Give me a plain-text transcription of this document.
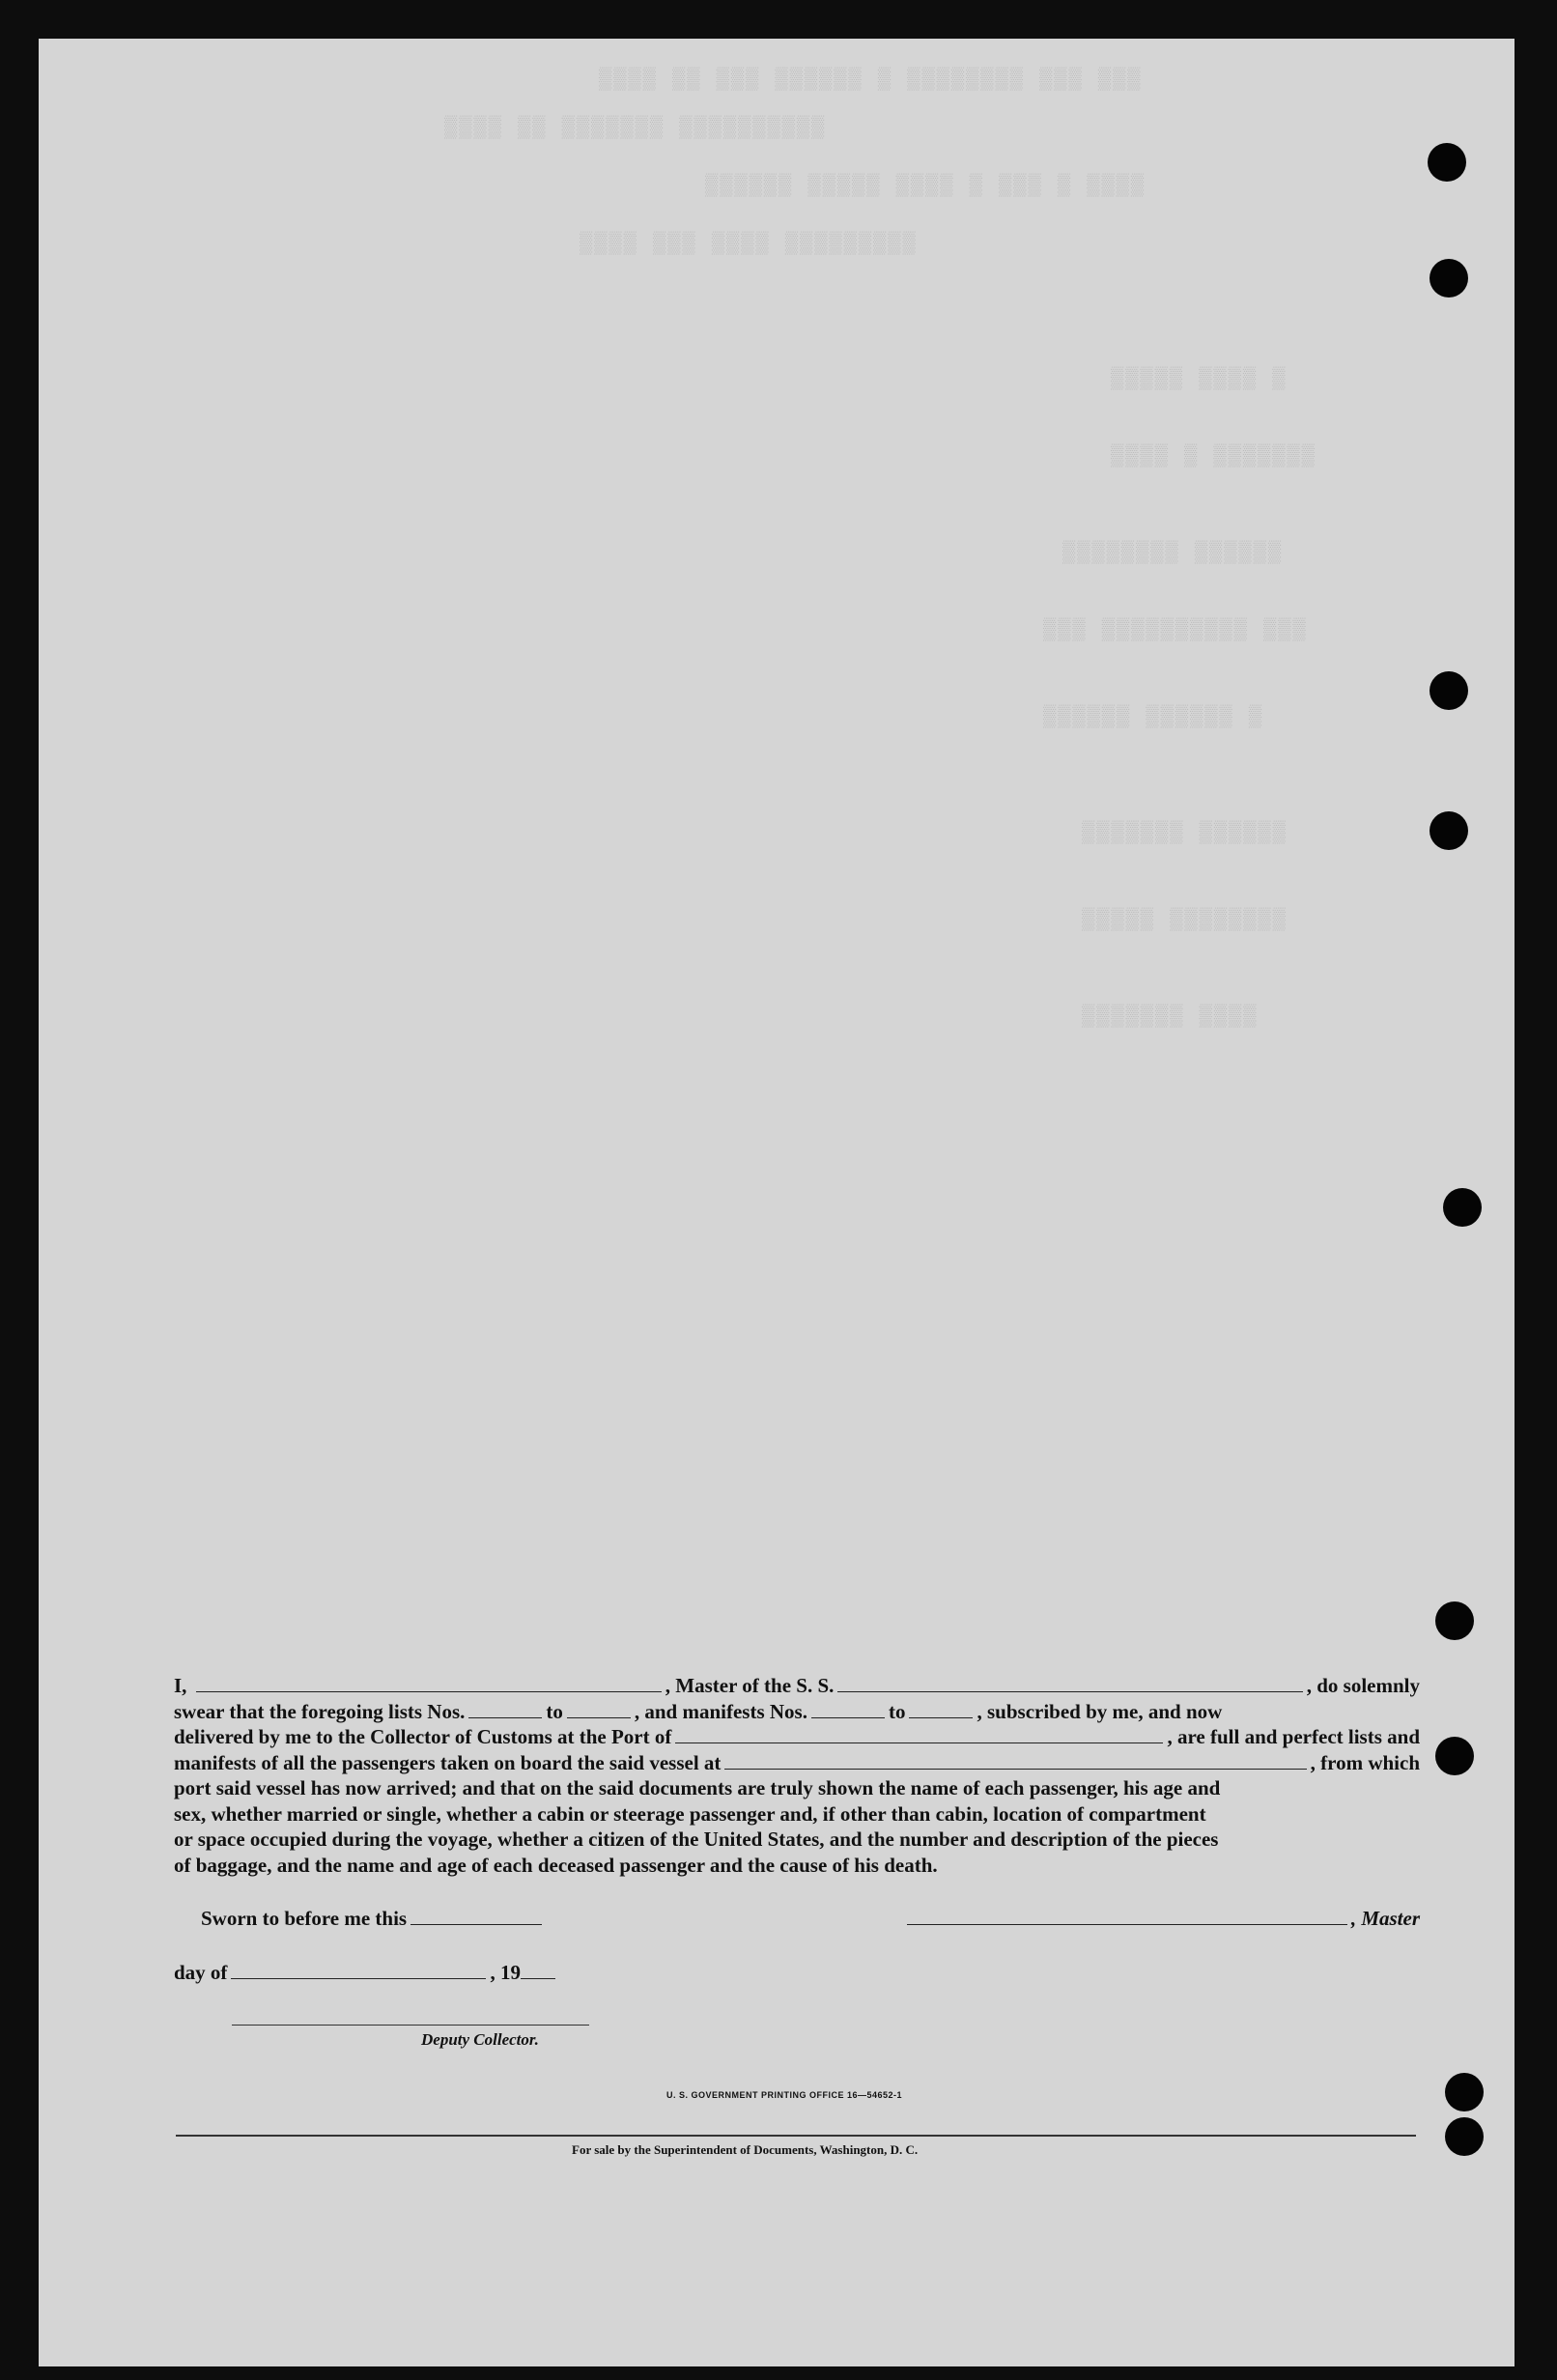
▒▒▒▒ ▒▒ ▒▒▒ ▒▒▒▒▒▒ ▒ ▒▒▒▒▒▒▒▒ ▒▒▒ ▒▒▒
▒▒▒▒ ▒▒ ▒▒▒▒▒▒▒ ▒▒▒▒▒▒▒▒▒▒
▒▒▒▒▒▒ ▒▒▒▒▒ ▒▒▒▒ ▒ ▒▒▒ ▒ ▒▒▒▒
▒▒▒▒ ▒▒▒ ▒▒▒▒ ▒▒▒▒▒▒▒▒▒
▒▒▒▒▒ ▒▒▒▒ ▒
▒▒▒▒ ▒ ▒▒▒▒▒▒▒
▒▒▒▒▒▒▒▒ ▒▒▒▒▒▒
▒▒▒ ▒▒▒▒▒▒▒▒▒▒ ▒▒▒
▒▒▒▒▒▒ ▒▒▒▒▒▒ ▒
▒▒▒▒▒▒▒ ▒▒▒▒▒▒
▒▒▒▒▒ ▒▒▒▒▒▒▒▒
▒▒▒▒▒▒▒ ▒▒▒▒
I,	, Master of the S. S.	, do solemnly
swear that the foregoing lists Nos.	to	, and manifests Nos.	to	, subscribed by me, and now
delivered by me to the Collector of Customs at the Port of	, are full and perfect lists and
manifests of all the passengers taken on board the said vessel at	, from which
port said vessel has now arrived; and that on the said documents are truly shown the name of each passenger, his age and
sex, whether married or single, whether a cabin or steerage passenger and, if other than cabin, location of compartment
or space occupied during the voyage, whether a citizen of the United States, and the number and description of the pieces
of baggage, and the name and age of each deceased passenger and the cause of his death.
Sworn to before me this	, Master
day of	, 19
Deputy Collector.
U. S. GOVERNMENT PRINTING OFFICE 16—54652-1
For sale by the Superintendent of Documents, Washington, D. C.
